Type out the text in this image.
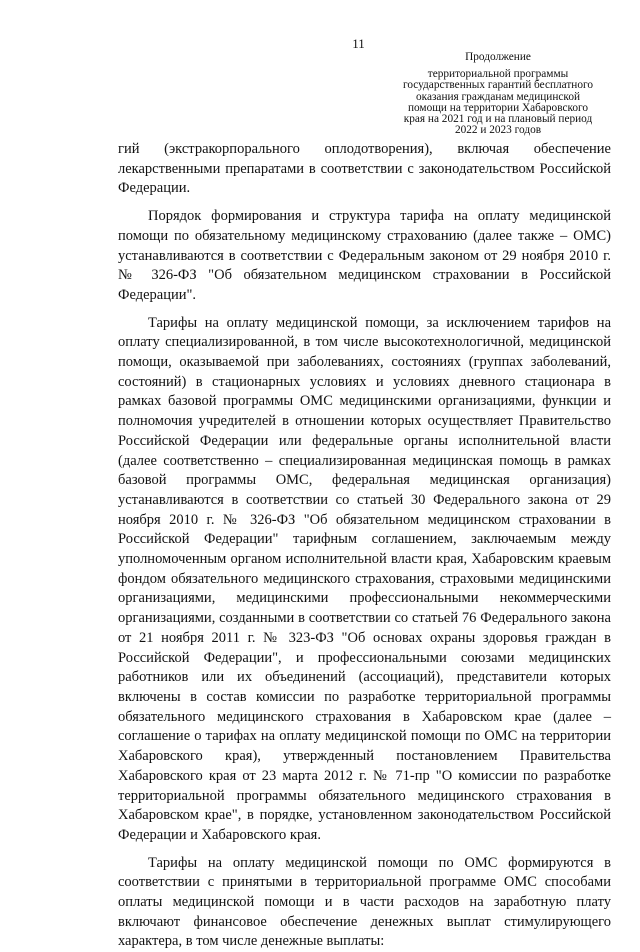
11
Продолжение
территориальной программы
государственных гарантий бесплатного
оказания гражданам медицинской
помощи на территории Хабаровского
края на 2021 год и на плановый период
2022 и 2023 годов

гий (экстракорпорального оплодотворения), включая обеспечение лекарственными препаратами в соответствии с законодательством Российской Федерации.

Порядок формирования и структура тарифа на оплату медицинской помощи по обязательному медицинскому страхованию (далее также – ОМС) устанавливаются в соответствии с Федеральным законом от 29 ноября 2010 г. № 326-ФЗ "Об обязательном медицинском страховании в Российской Федерации".

Тарифы на оплату медицинской помощи, за исключением тарифов на оплату специализированной, в том числе высокотехнологичной, медицинской помощи, оказываемой при заболеваниях, состояниях (группах заболеваний, состояний) в стационарных условиях и условиях дневного стационара в рамках базовой программы ОМС медицинскими организациями, функции и полномочия учредителей в отношении которых осуществляет Правительство Российской Федерации или федеральные органы исполнительной власти (далее соответственно – специализированная медицинская помощь в рамках базовой программы ОМС, федеральная медицинская организация) устанавливаются в соответствии со статьей 30 Федерального закона от 29 ноября 2010 г. № 326-ФЗ "Об обязательном медицинском страховании в Российской Федерации" тарифным соглашением, заключаемым между уполномоченным органом исполнительной власти края, Хабаровским краевым фондом обязательного медицинского страхования, страховыми медицинскими организациями, медицинскими профессиональными некоммерческими организациями, созданными в соответствии со статьей 76 Федерального закона от 21 ноября 2011 г. № 323-ФЗ "Об основах охраны здоровья граждан в Российской Федерации", и профессиональными союзами медицинских работников или их объединений (ассоциаций), представители которых включены в состав комиссии по разработке территориальной программы обязательного медицинского страхования в Хабаровском крае (далее – соглашение о тарифах на оплату медицинской помощи по ОМС на территории Хабаровского края), утвержденный постановлением Правительства Хабаровского края от 23 марта 2012 г. № 71-пр "О комиссии по разработке территориальной программы обязательного медицинского страхования в Хабаровском крае", в порядке, установленном законодательством Российской Федерации и Хабаровского края.

Тарифы на оплату медицинской помощи по ОМС формируются в соответствии с принятыми в территориальной программе ОМС способами оплаты медицинской помощи и в части расходов на заработную плату включают финансовое обеспечение денежных выплат стимулирующего характера, в том числе денежные выплаты:
